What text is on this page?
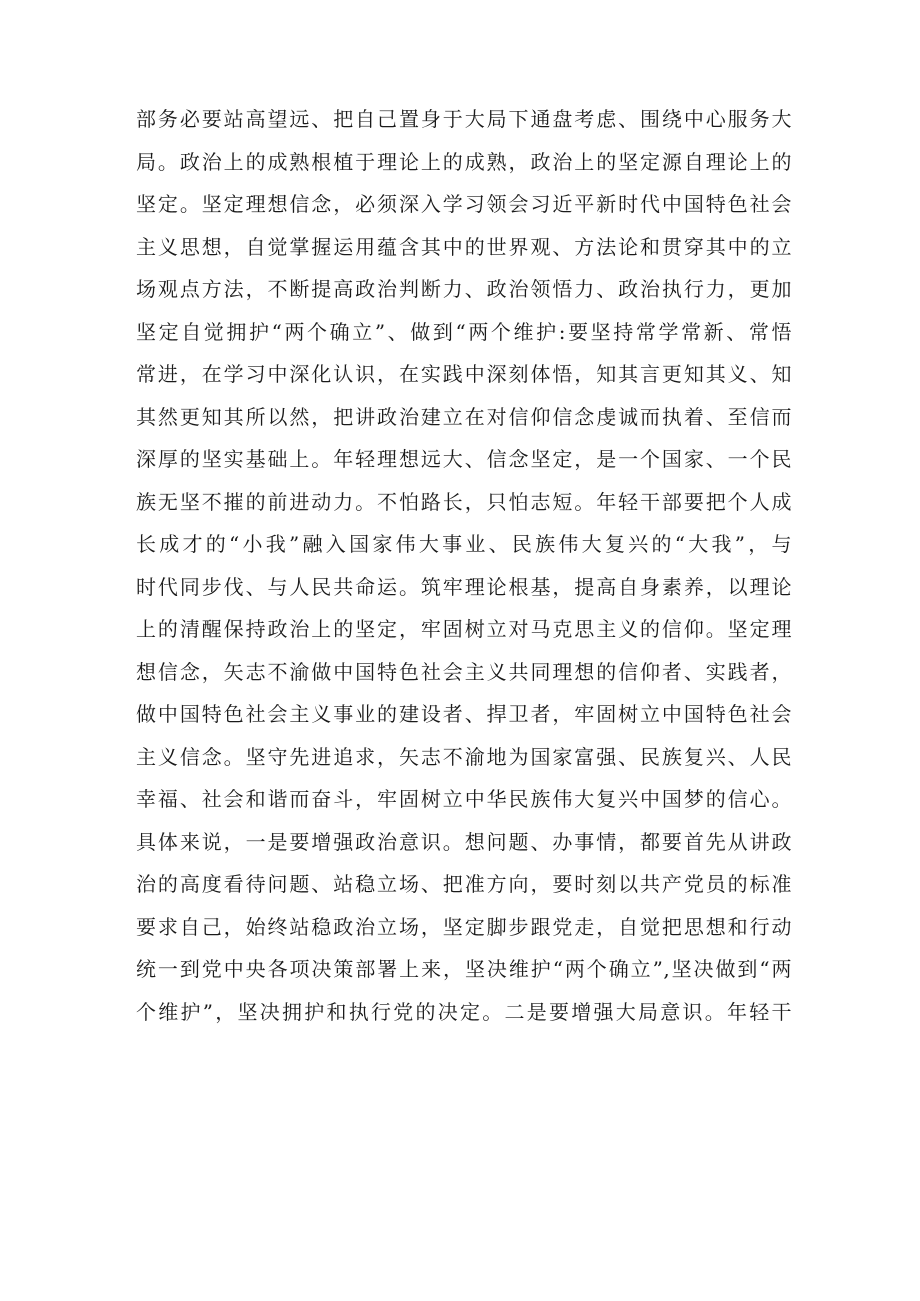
部务必要站高望远、把自己置身于大局下通盘考虑、围绕中心服务大
局。政治上的成熟根植于理论上的成熟，政治上的坚定源自理论上的
坚定。坚定理想信念，必须深入学习领会习近平新时代中国特色社会
主义思想，自觉掌握运用蕴含其中的世界观、方法论和贯穿其中的立
场观点方法，不断提高政治判断力、政治领悟力、政治执行力，更加
坚定自觉拥护“两个确立”、做到“两个维护:要坚持常学常新、常悟
常进，在学习中深化认识，在实践中深刻体悟，知其言更知其义、知
其然更知其所以然，把讲政治建立在对信仰信念虔诚而执着、至信而
深厚的坚实基础上。年轻理想远大、信念坚定，是一个国家、一个民
族无坚不摧的前进动力。不怕路长，只怕志短。年轻干部要把个人成
长成才的“小我”融入国家伟大事业、民族伟大复兴的“大我”，与
时代同步伐、与人民共命运。筑牢理论根基，提高自身素养，以理论
上的清醒保持政治上的坚定，牢固树立对马克思主义的信仰。坚定理
想信念，矢志不渝做中国特色社会主义共同理想的信仰者、实践者，
做中国特色社会主义事业的建设者、捍卫者，牢固树立中国特色社会
主义信念。坚守先进追求，矢志不渝地为国家富强、民族复兴、人民
幸福、社会和谐而奋斗，牢固树立中华民族伟大复兴中国梦的信心。
具体来说，一是要增强政治意识。想问题、办事情，都要首先从讲政
治的高度看待问题、站稳立场、把准方向，要时刻以共产党员的标准
要求自己，始终站稳政治立场，坚定脚步跟党走，自觉把思想和行动
统一到党中央各项决策部署上来，坚决维护“两个确立”,坚决做到“两
个维护”，坚决拥护和执行党的决定。二是要增强大局意识。年轻干
